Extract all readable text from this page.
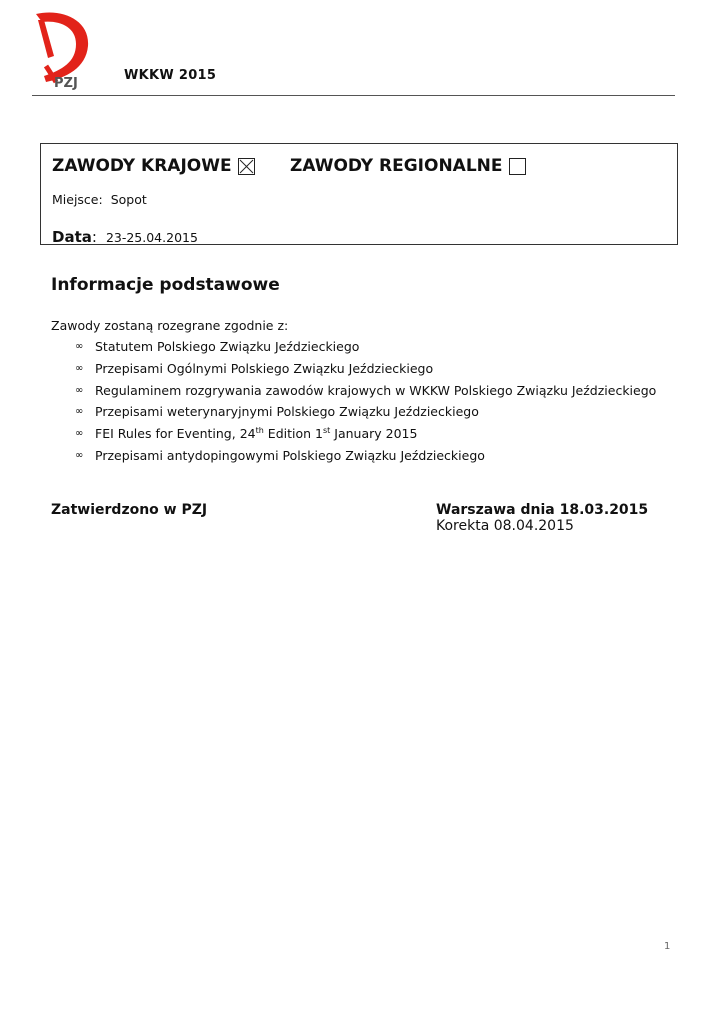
PZJ
WKKW 2015
ZAWODY KRAJOWE	ZAWODY REGIONALNE
Miejsce: Sopot
Data: 23-25.04.2015
Informacje podstawowe
Zawody zostaną rozegrane zgodnie z:
∞ Statutem Polskiego Związku Jeździeckiego
∞ Przepisami Ogólnymi Polskiego Związku Jeździeckiego
∞ Regulaminem rozgrywania zawodów krajowych w WKKW Polskiego Związku Jeździeckiego
∞ Przepisami weterynaryjnymi Polskiego Związku Jeździeckiego
∞ FEI Rules for Eventing, 24th Edition 1st January 2015
∞ Przepisami antydopingowymi Polskiego Związku Jeździeckiego
Zatwierdzono w PZJ	Warszawa dnia 18.03.2015
Korekta 08.04.2015
1
